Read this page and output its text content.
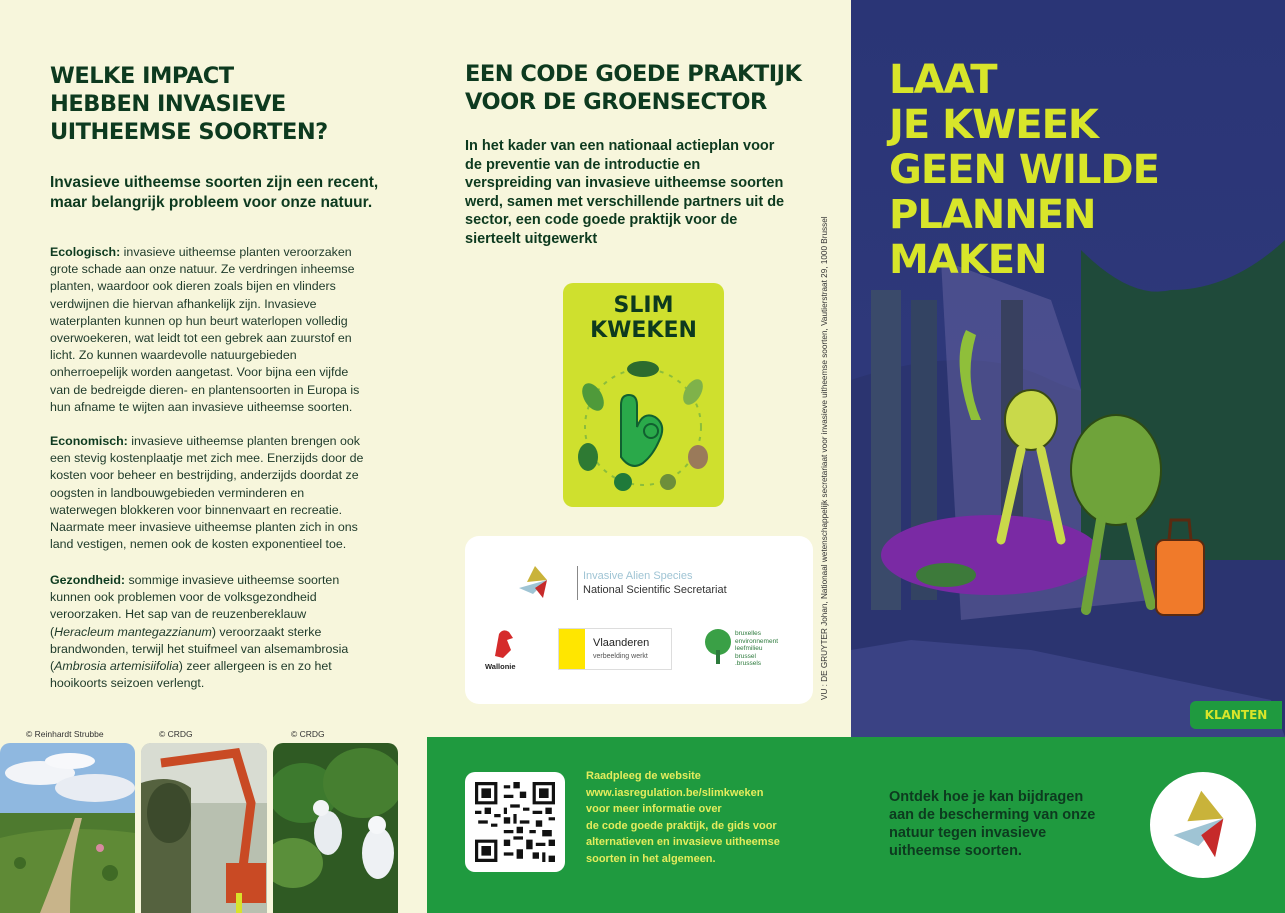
WELKE IMPACT
HEBBEN INVASIEVE
UITHEEMSE SOORTEN?

Invasieve uitheemse soorten zijn een recent, maar belangrijk probleem voor onze natuur.

Ecologisch: invasieve uitheemse planten veroorzaken grote schade aan onze natuur. Ze verdringen inheemse planten, waardoor ook dieren zoals bijen en vlinders verdwijnen die hiervan afhankelijk zijn. Invasieve waterplanten kunnen op hun beurt waterlopen volledig overwoekeren, wat leidt tot een gebrek aan zuurstof en licht. Zo kunnen waardevolle natuurgebieden onherroepelijk worden aangetast. Voor bijna een vijfde van de bedreigde dieren- en plantensoorten in Europa is hun afname te wijten aan invasieve uitheemse soorten.

Economisch: invasieve uitheemse planten brengen ook een stevig kostenplaatje met zich mee. Enerzijds door de kosten voor beheer en bestrijding, anderzijds doordat ze oogsten in landbouwgebieden verminderen en waterwegen blokkeren voor binnenvaart en recreatie. Naarmate meer invasieve uitheemse planten zich in ons land vestigen, nemen ook de kosten exponentieel toe.

Gezondheid: sommige invasieve uitheemse soorten kunnen ook problemen voor de volksgezondheid veroorzaken. Het sap van de reuzenbereklauw (Heracleum mantegazzianum) veroorzaakt sterke brandwonden, terwijl het stuifmeel van alsemambrosia (Ambrosia artemisiifolia) zeer allergeen is en zo het hooikoorts seizoen verlengt.

© Reinhardt Strubbe	© CRDG	© CRDG
EEN CODE GOEDE PRAKTIJK
VOOR DE GROENSECTOR

In het kader van een nationaal actieplan voor de preventie van de introductie en verspreiding van invasieve uitheemse soorten werd, samen met verschillende partners uit de sector, een code goede praktijk voor de sierteelt uitgewerkt

SLIM
KWEKEN
Invasive Alien Species
National Scientific Secretariat
Wallonie
Vlaanderen
verbeelding werkt
bruxelles
environnement
leefmilieu
brussel
.brussels	VU : DE GRUYTER Johan, Nationaal wetenschappelijk secretariaat voor invasieve uitheemse soorten, Vautierstraat 29, 1000 Brussel
LAAT
JE KWEEK
GEEN WILDE
PLANNEN
MAKEN
KLANTEN
Raadpleeg de website
www.iasregulation.be/slimkweken
voor meer informatie over
de code goede praktijk, de gids voor
alternatieven en invasieve uitheemse
soorten in het algemeen.

Ontdek hoe je kan bijdragen aan de bescherming van onze natuur tegen invasieve uitheemse soorten.
